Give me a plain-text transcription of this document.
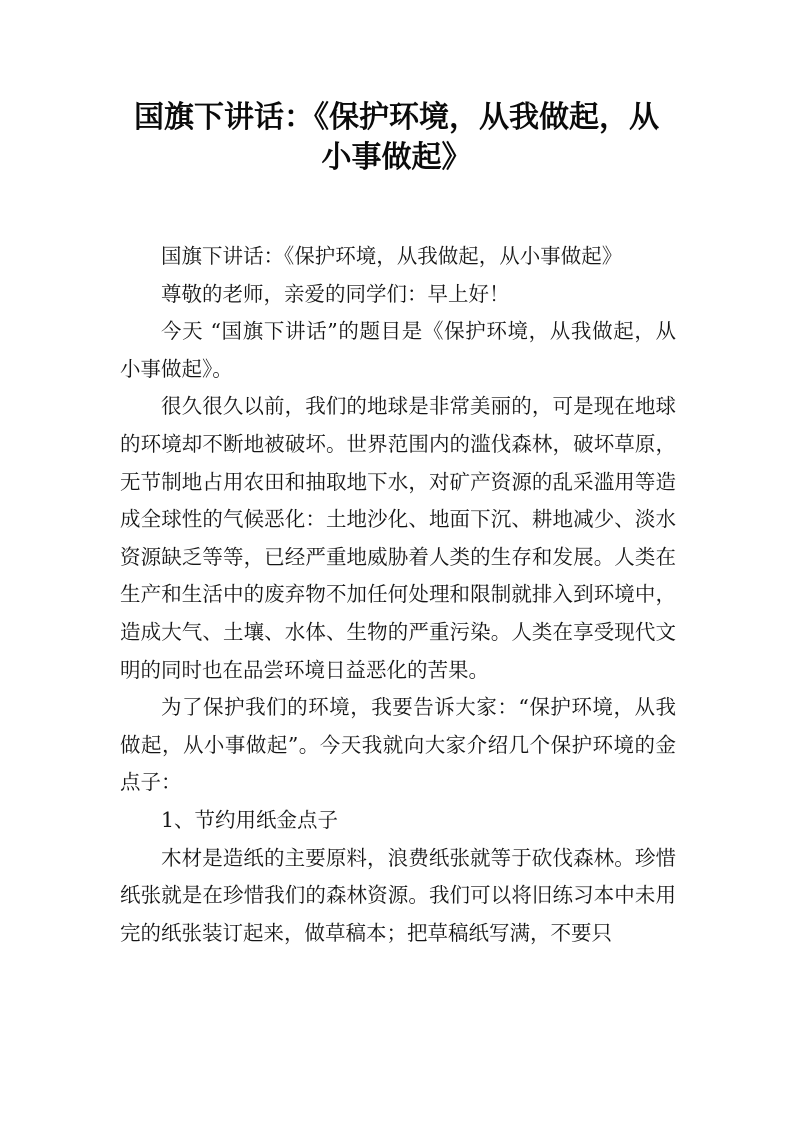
国旗下讲话：《保护环境，从我做起，从
小事做起》

国旗下讲话：《保护环境，从我做起，从小事做起》

尊敬的老师，亲爱的同学们：早上好！

今天 “国旗下讲话”的题目是《保护环境，从我做起，从小事做起》。

很久很久以前，我们的地球是非常美丽的，可是现在地球的环境却不断地被破坏。世界范围内的滥伐森林，破坏草原，无节制地占用农田和抽取地下水，对矿产资源的乱采滥用等造成全球性的气候恶化：土地沙化、地面下沉、耕地减少、淡水资源缺乏等等，已经严重地威胁着人类的生存和发展。人类在生产和生活中的废弃物不加任何处理和限制就排入到环境中，造成大气、土壤、水体、生物的严重污染。人类在享受现代文明的同时也在品尝环境日益恶化的苦果。

为了保护我们的环境，我要告诉大家：“保护环境，从我做起，从小事做起”。今天我就向大家介绍几个保护环境的金点子：

1、节约用纸金点子

木材是造纸的主要原料，浪费纸张就等于砍伐森林。珍惜纸张就是在珍惜我们的森林资源。我们可以将旧练习本中未用完的纸张装订起来，做草稿本；把草稿纸写满，不要只
